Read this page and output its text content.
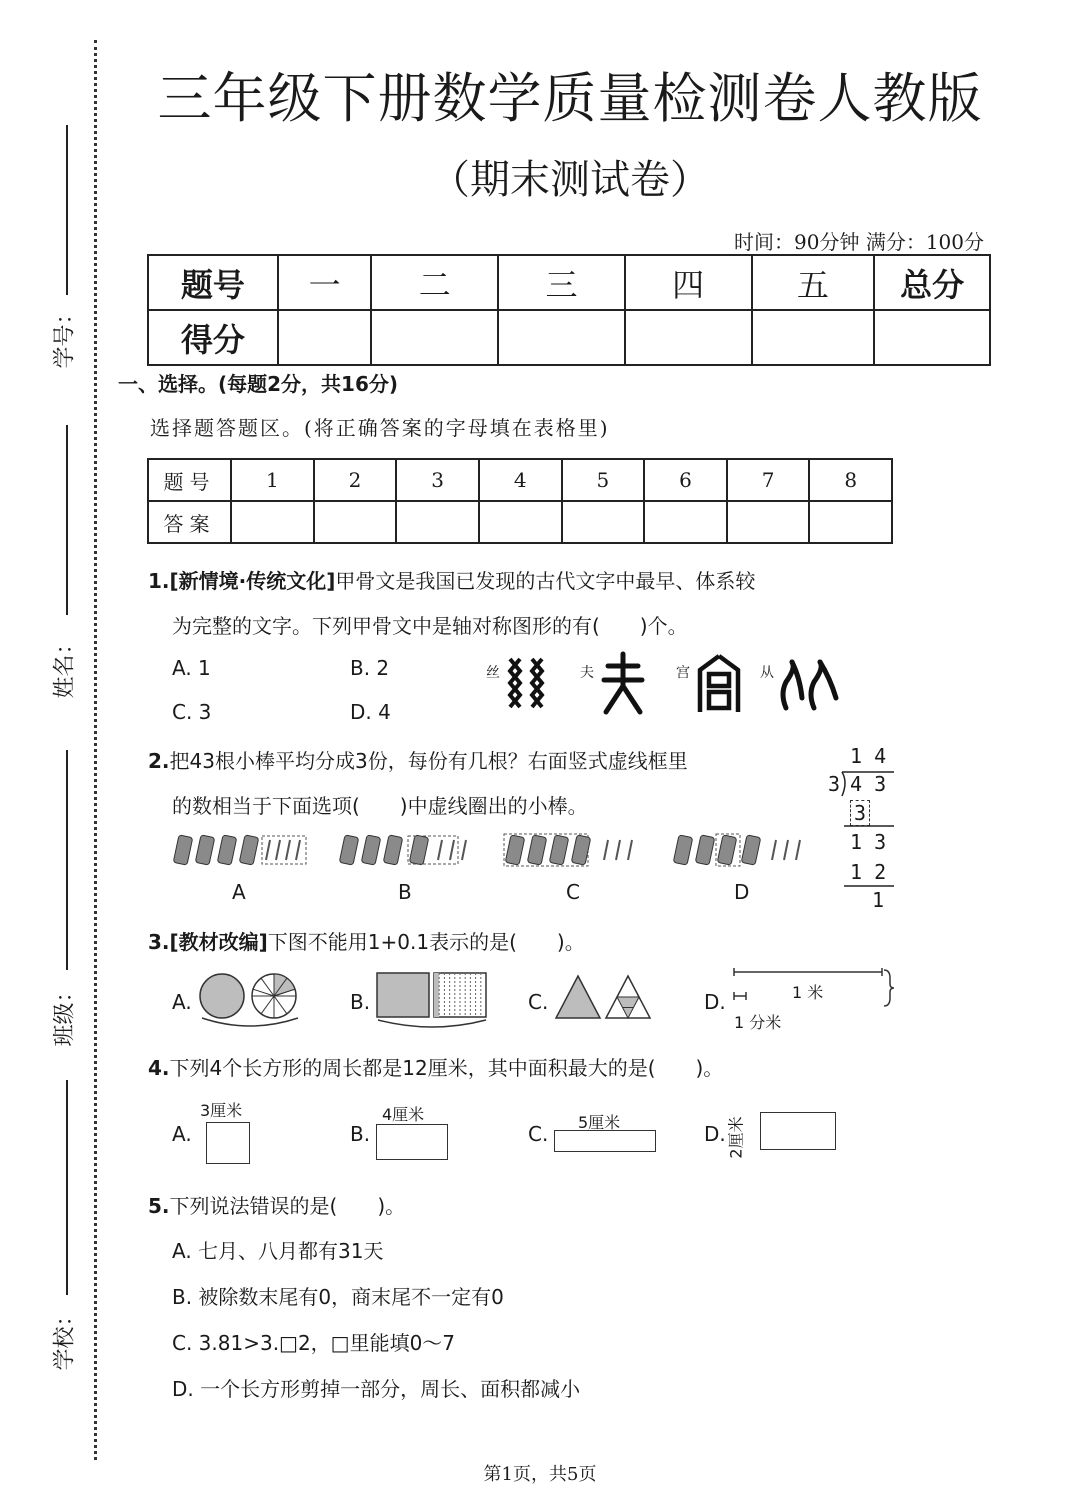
学号：
姓名：
班级：
学校：
三年级下册数学质量检测卷人教版
（期末测试卷）
时间：90分钟 满分：100分
题号	一	二	三	四	五	总分
得分						
一、选择。(每题2分，共16分)
选择题答题区。(将正确答案的字母填在表格里)
题号	1	2	3	4	5	6	7	8
答案								
1.[新情境·传统文化]甲骨文是我国已发现的古代文字中最早、体系较
为完整的文字。下列甲骨文中是轴对称图形的有(　　)个。
A. 1	B. 2
C. 3	D. 4
丝	夫	宫	从
2.把43根小棒平均分成3份，每份有几根？右面竖式虚线框里
的数相当于下面选项(　　)中虚线圈出的小棒。
1 4
3 4 3
3
1 3
1 2
1
A	B	C	D
3.[教材改编]下图不能用1+0.1表示的是(　　)。
A.	B.	C.	D.	1 米
1 分米
4.下列4个长方形的周长都是12厘米，其中面积最大的是(　　)。
A.
3厘米
B.
4厘米
C. 5厘米	D. 2厘米
5.下列说法错误的是(　　)。
A. 七月、八月都有31天
B. 被除数末尾有0，商末尾不一定有0
C. 3.81>3.□2，□里能填0～7
D. 一个长方形剪掉一部分，周长、面积都减小
第1页，共5页
